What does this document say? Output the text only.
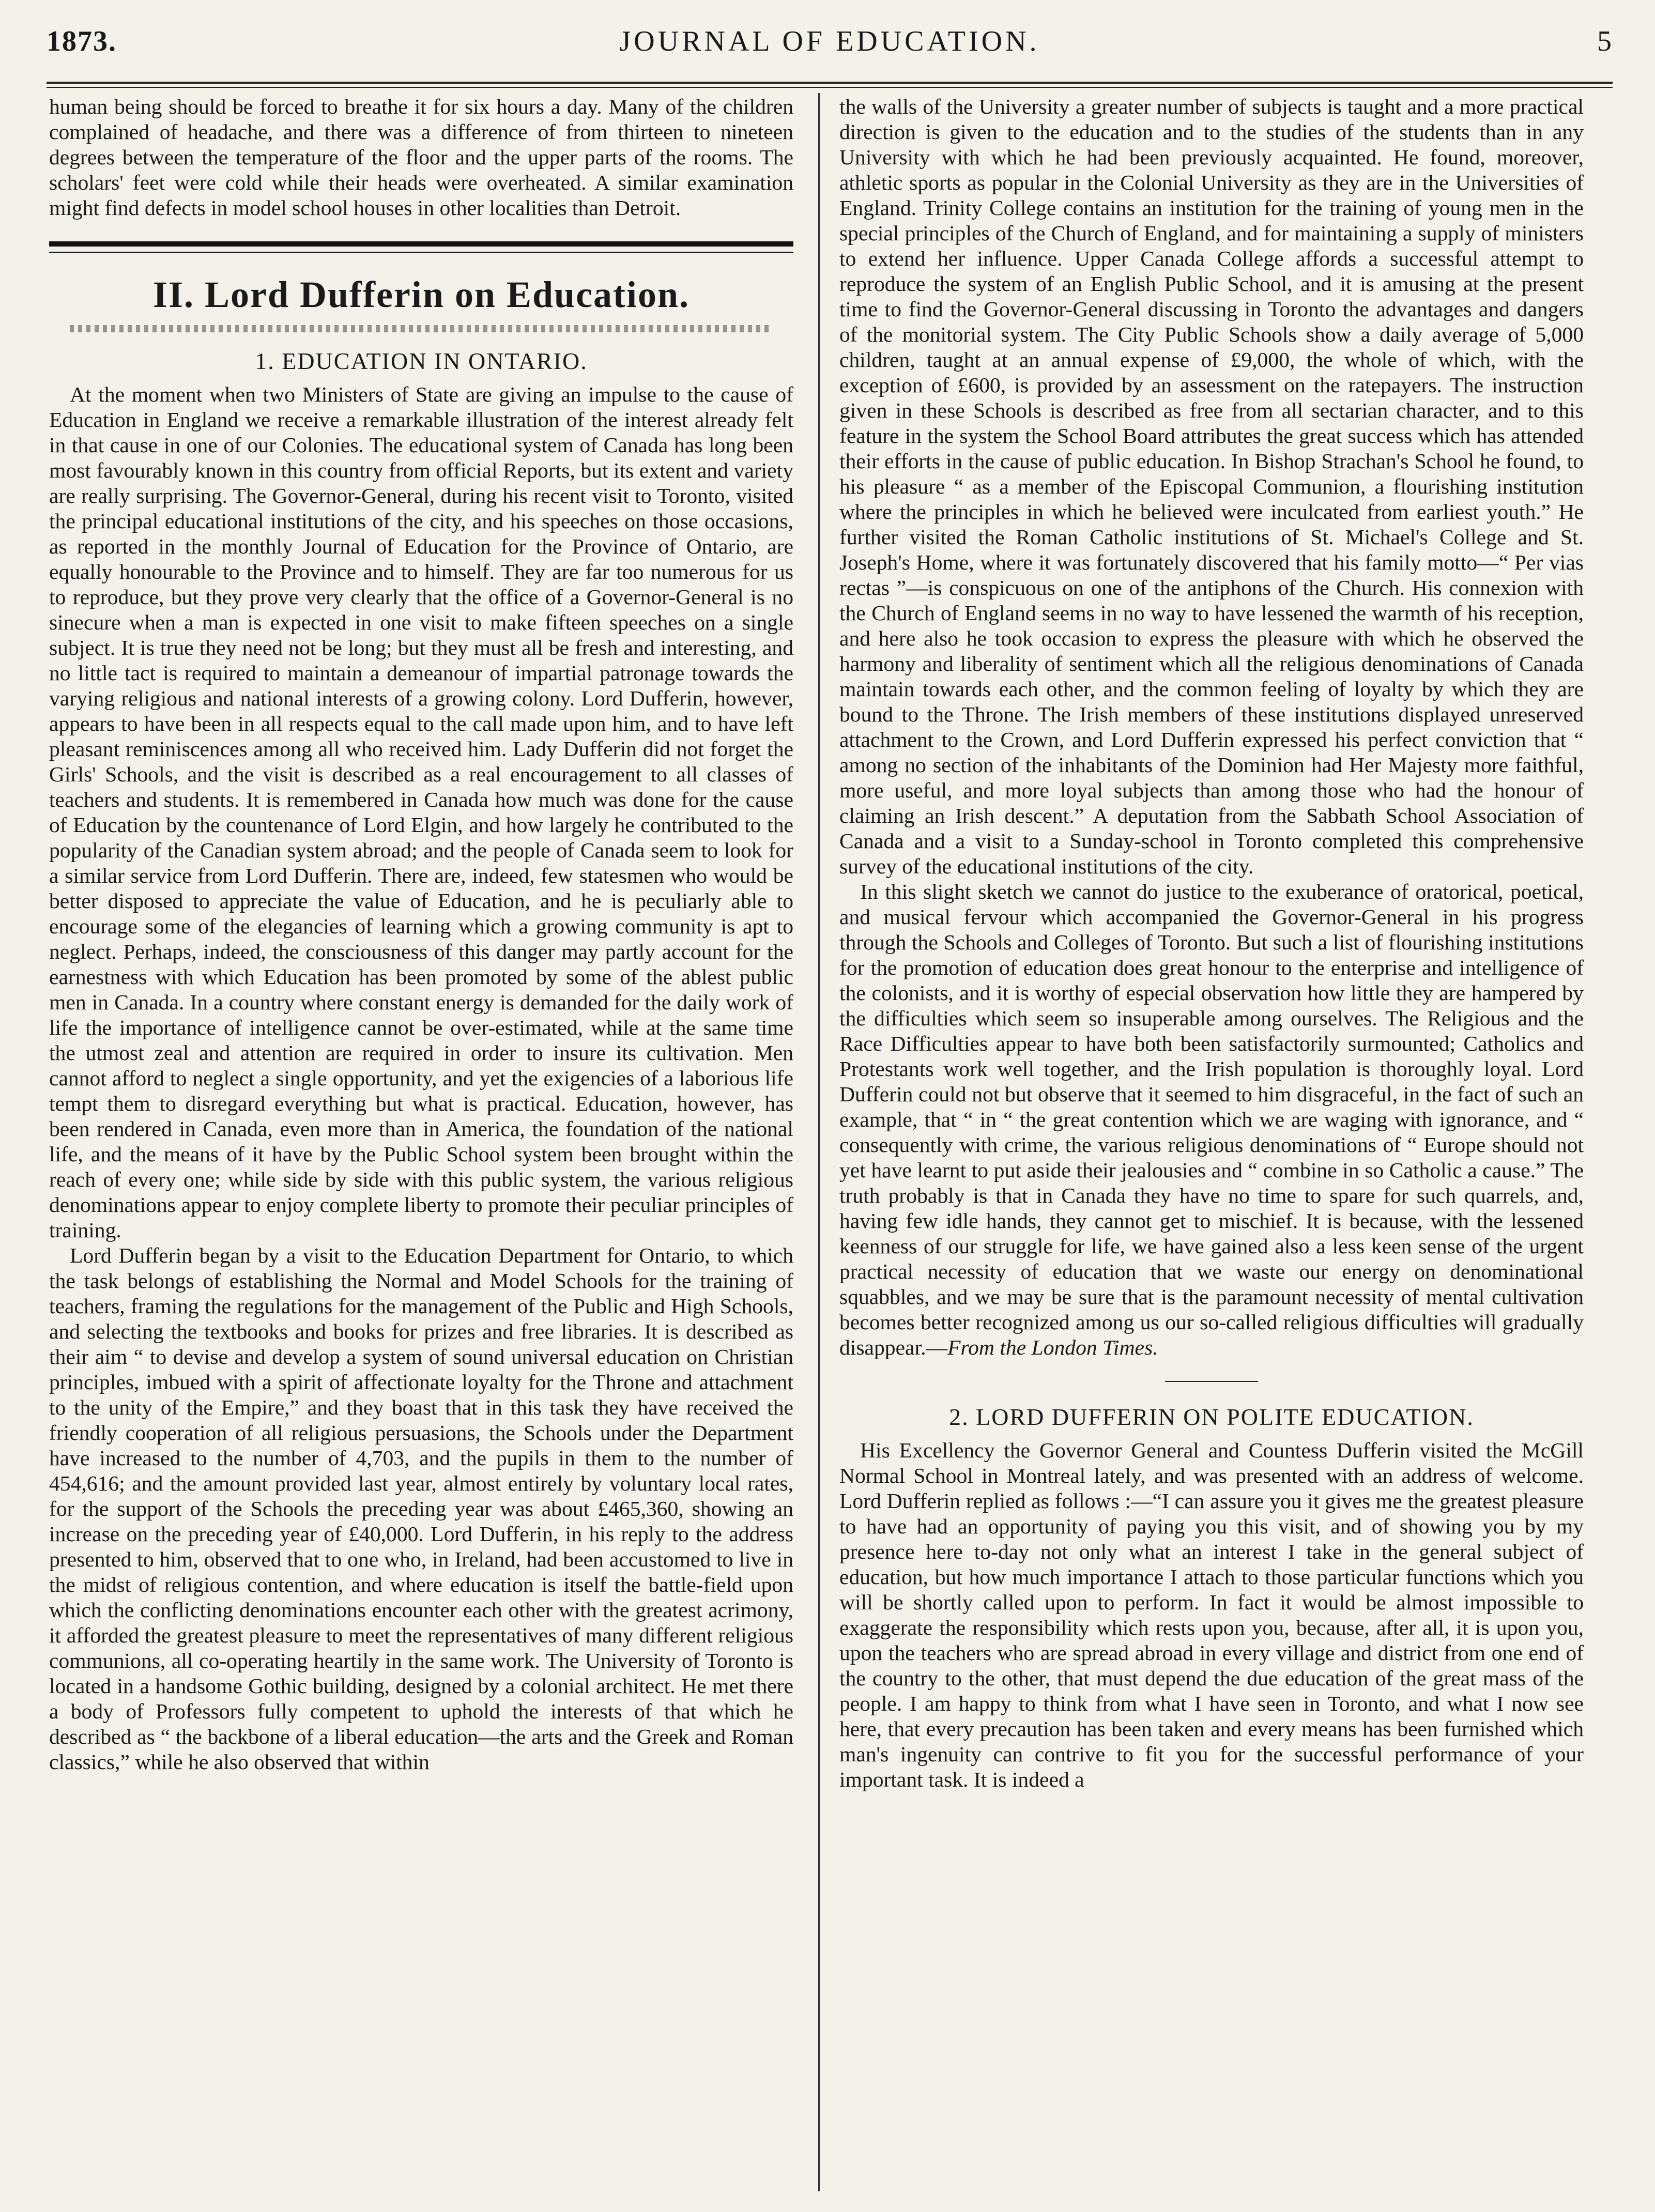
1873.	JOURNAL OF EDUCATION.	5

human being should be forced to breathe it for six hours a day. Many of the children complained of headache, and there was a difference of from thirteen to nineteen degrees between the temperature of the floor and the upper parts of the rooms. The scholars' feet were cold while their heads were overheated. A similar examination might find defects in model school houses in other localities than Detroit.

II. Lord Dufferin on Education.
1. EDUCATION IN ONTARIO.

At the moment when two Ministers of State are giving an impulse to the cause of Education in England we receive a remarkable illustration of the interest already felt in that cause in one of our Colonies. The educational system of Canada has long been most favourably known in this country from official Reports, but its extent and variety are really surprising. The Governor-General, during his recent visit to Toronto, visited the principal educational institutions of the city, and his speeches on those occasions, as reported in the monthly Journal of Education for the Province of Ontario, are equally honourable to the Province and to himself. They are far too numerous for us to reproduce, but they prove very clearly that the office of a Governor-General is no sinecure when a man is expected in one visit to make fifteen speeches on a single subject. It is true they need not be long; but they must all be fresh and interesting, and no little tact is required to maintain a demeanour of impartial patronage towards the varying religious and national interests of a growing colony. Lord Dufferin, however, appears to have been in all respects equal to the call made upon him, and to have left pleasant reminiscences among all who received him. Lady Dufferin did not forget the Girls' Schools, and the visit is described as a real encouragement to all classes of teachers and students. It is remembered in Canada how much was done for the cause of Education by the countenance of Lord Elgin, and how largely he contributed to the popularity of the Canadian system abroad; and the people of Canada seem to look for a similar service from Lord Dufferin. There are, indeed, few statesmen who would be better disposed to appreciate the value of Education, and he is peculiarly able to encourage some of the elegancies of learning which a growing community is apt to neglect. Perhaps, indeed, the consciousness of this danger may partly account for the earnestness with which Education has been promoted by some of the ablest public men in Canada. In a country where constant energy is demanded for the daily work of life the importance of intelligence cannot be over-estimated, while at the same time the utmost zeal and attention are required in order to insure its cultivation. Men cannot afford to neglect a single opportunity, and yet the exigencies of a laborious life tempt them to disregard everything but what is practical. Education, however, has been rendered in Canada, even more than in America, the foundation of the national life, and the means of it have by the Public School system been brought within the reach of every one; while side by side with this public system, the various religious denominations appear to enjoy complete liberty to promote their peculiar principles of training.

Lord Dufferin began by a visit to the Education Department for Ontario, to which the task belongs of establishing the Normal and Model Schools for the training of teachers, framing the regulations for the management of the Public and High Schools, and selecting the textbooks and books for prizes and free libraries. It is described as their aim “ to devise and develop a system of sound universal education on Christian principles, imbued with a spirit of affectionate loyalty for the Throne and attachment to the unity of the Empire,” and they boast that in this task they have received the friendly cooperation of all religious persuasions, the Schools under the Department have increased to the number of 4,703, and the pupils in them to the number of 454,616; and the amount provided last year, almost entirely by voluntary local rates, for the support of the Schools the preceding year was about £465,360, showing an increase on the preceding year of £40,000. Lord Dufferin, in his reply to the address presented to him, observed that to one who, in Ireland, had been accustomed to live in the midst of religious contention, and where education is itself the battle-field upon which the conflicting denominations encounter each other with the greatest acrimony, it afforded the greatest pleasure to meet the representatives of many different religious communions, all co-operating heartily in the same work. The University of Toronto is located in a handsome Gothic building, designed by a colonial architect. He met there a body of Professors fully competent to uphold the interests of that which he described as “ the backbone of a liberal education—the arts and the Greek and Roman classics,” while he also observed that within

the walls of the University a greater number of subjects is taught and a more practical direction is given to the education and to the studies of the students than in any University with which he had been previously acquainted. He found, moreover, athletic sports as popular in the Colonial University as they are in the Universities of England. Trinity College contains an institution for the training of young men in the special principles of the Church of England, and for maintaining a supply of ministers to extend her influence. Upper Canada College affords a successful attempt to reproduce the system of an English Public School, and it is amusing at the present time to find the Governor-General discussing in Toronto the advantages and dangers of the monitorial system. The City Public Schools show a daily average of 5,000 children, taught at an annual expense of £9,000, the whole of which, with the exception of £600, is provided by an assessment on the ratepayers. The instruction given in these Schools is described as free from all sectarian character, and to this feature in the system the School Board attributes the great success which has attended their efforts in the cause of public education. In Bishop Strachan's School he found, to his pleasure “ as a member of the Episcopal Communion, a flourishing institution where the principles in which he believed were inculcated from earliest youth.” He further visited the Roman Catholic institutions of St. Michael's College and St. Joseph's Home, where it was fortunately discovered that his family motto—“ Per vias rectas ”—is conspicuous on one of the antiphons of the Church. His connexion with the Church of England seems in no way to have lessened the warmth of his reception, and here also he took occasion to express the pleasure with which he observed the harmony and liberality of sentiment which all the religious denominations of Canada maintain towards each other, and the common feeling of loyalty by which they are bound to the Throne. The Irish members of these institutions displayed unreserved attachment to the Crown, and Lord Dufferin expressed his perfect conviction that “ among no section of the inhabitants of the Dominion had Her Majesty more faithful, more useful, and more loyal subjects than among those who had the honour of claiming an Irish descent.” A deputation from the Sabbath School Association of Canada and a visit to a Sunday-school in Toronto completed this comprehensive survey of the educational institutions of the city.

In this slight sketch we cannot do justice to the exuberance of oratorical, poetical, and musical fervour which accompanied the Governor-General in his progress through the Schools and Colleges of Toronto. But such a list of flourishing institutions for the promotion of education does great honour to the enterprise and intelligence of the colonists, and it is worthy of especial observation how little they are hampered by the difficulties which seem so insuperable among ourselves. The Religious and the Race Difficulties appear to have both been satisfactorily surmounted; Catholics and Protestants work well together, and the Irish population is thoroughly loyal. Lord Dufferin could not but observe that it seemed to him disgraceful, in the fact of such an example, that “ in “ the great contention which we are waging with ignorance, and “ consequently with crime, the various religious denominations of “ Europe should not yet have learnt to put aside their jealousies and “ combine in so Catholic a cause.” The truth probably is that in Canada they have no time to spare for such quarrels, and, having few idle hands, they cannot get to mischief. It is because, with the lessened keenness of our struggle for life, we have gained also a less keen sense of the urgent practical necessity of education that we waste our energy on denominational squabbles, and we may be sure that is the paramount necessity of mental cultivation becomes better recognized among us our so-called religious difficulties will gradually disappear.—From the London Times.

2. LORD DUFFERIN ON POLITE EDUCATION.

His Excellency the Governor General and Countess Dufferin visited the McGill Normal School in Montreal lately, and was presented with an address of welcome. Lord Dufferin replied as follows :—“I can assure you it gives me the greatest pleasure to have had an opportunity of paying you this visit, and of showing you by my presence here to-day not only what an interest I take in the general subject of education, but how much importance I attach to those particular functions which you will be shortly called upon to perform. In fact it would be almost impossible to exaggerate the responsibility which rests upon you, because, after all, it is upon you, upon the teachers who are spread abroad in every village and district from one end of the country to the other, that must depend the due education of the great mass of the people. I am happy to think from what I have seen in Toronto, and what I now see here, that every precaution has been taken and every means has been furnished which man's ingenuity can contrive to fit you for the successful performance of your important task. It is indeed a
